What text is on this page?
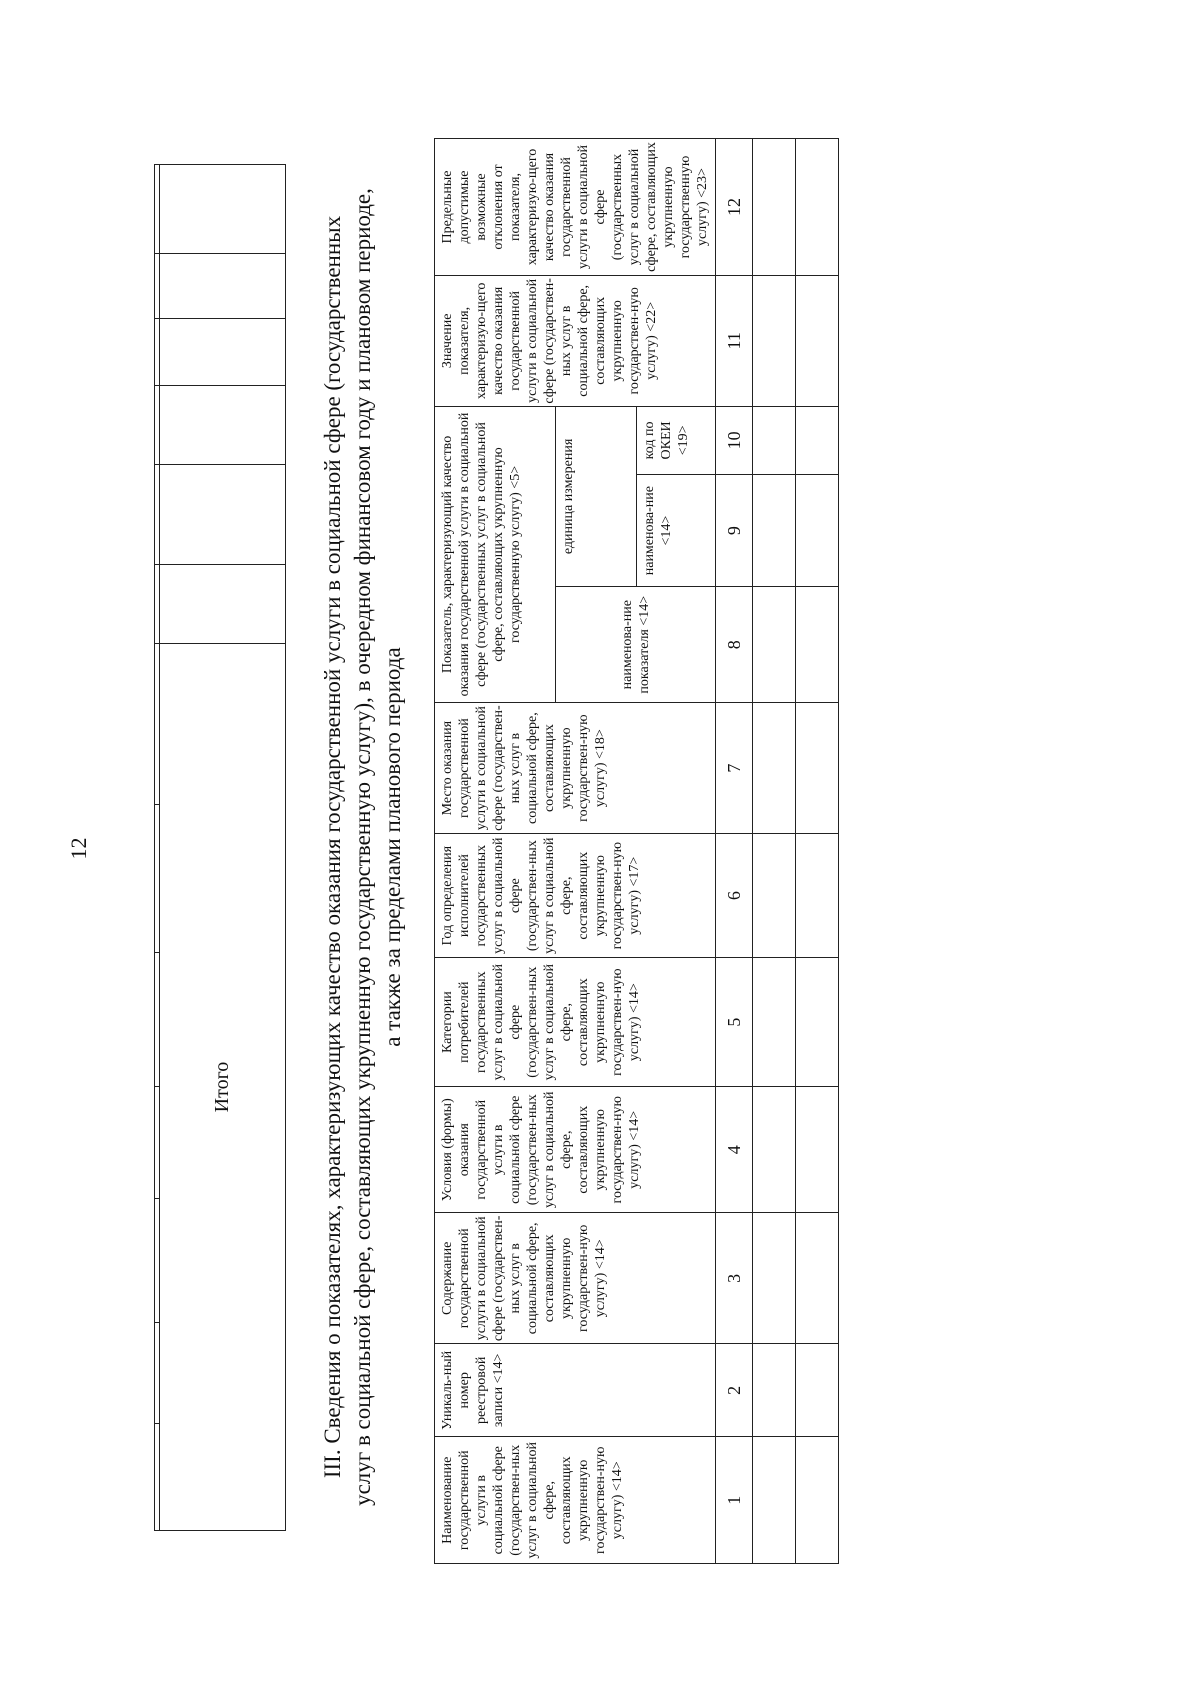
12

Итого													III. Сведения о показателях, характеризующих качество оказания государственной услуги в социальной сфере (государственных услуг в социальной сфере, составляющих укрупненную государственную услугу), в очередном финансовом году и плановом периоде, а также за пределами планового периода
Наименование государственной услуги в социальной сфере (государствен-ных услуг в социальной сфере, составляющих укрупненную государствен-ную услугу) <14>	Уникаль-ный номер реестровой записи <14>	Содержание государственной услуги в социальной сфере (государствен-ных услуг в социальной сфере, составляющих укрупненную государствен-ную услугу) <14>	Условия (формы) оказания государственной услуги в социальной сфере (государствен-ных услуг в социальной сфере, составляющих укрупненную государствен-ную услугу) <14>	Категории потребителей государственных услуг в социальной сфере (государствен-ных услуг в социальной сфере, составляющих укрупненную государствен-ную услугу) <14>	Год определения исполнителей государственных услуг в социальной сфере (государствен-ных услуг в социальной сфере, составляющих укрупненную государствен-ную услугу) <17>	Место оказания государственной услуги в социальной сфере (государствен-ных услуг в социальной сфере, составляющих укрупненную государствен-ную услугу) <18>	Показатель, характеризующий качество оказания государственной услуги в социальной сфере (государственных услуг в социальной сфере, составляющих укрупненную государственную услугу) <5>			Значение показателя, характеризую-щего качество оказания государственной услуги в социальной сфере (государствен-ных услуг в социальной сфере, составляющих укрупненную государствен-ную услугу) <22>	Предельные допустимые возможные отклонения от показателя, характеризую-щего качество оказания государственной услуги в социальной сфере (государственных услуг в социальной сфере, составляющих укрупненную государственную услугу) <23>
							наименова-ние показателя <14>	единица измерения			
								наименова-ние <14>	код по ОКЕИ <19>		
1	2	3	4	5	6	7	8	9	10	11	12
